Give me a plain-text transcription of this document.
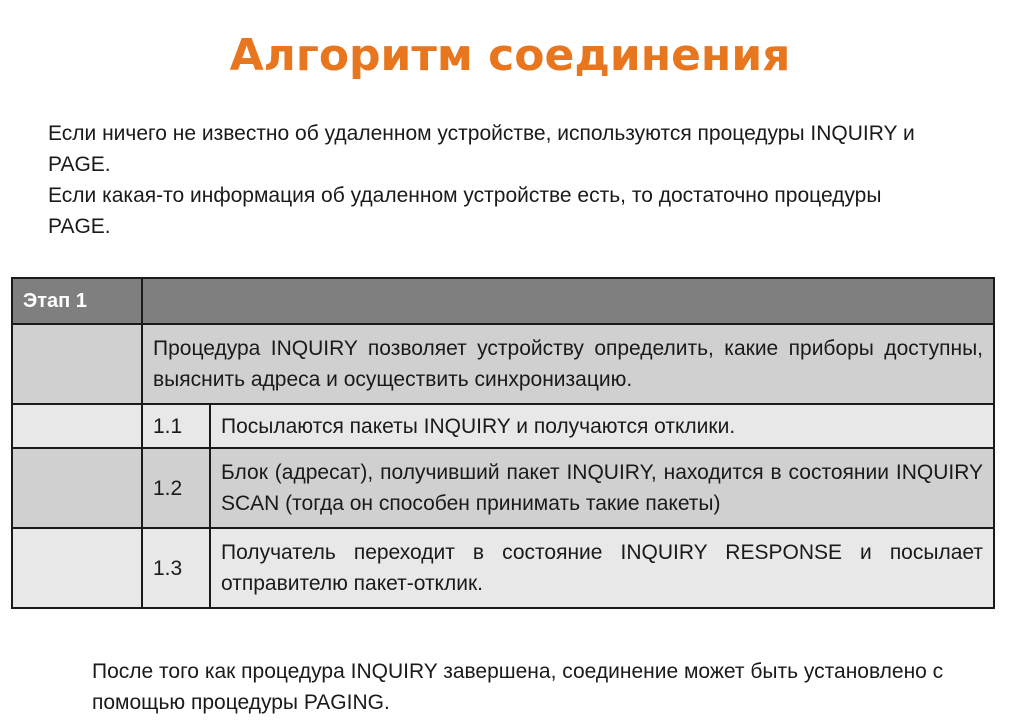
Алгоритм соединения

Если ничего не известно об удаленном устройстве, используются процедуры INQUIRY и PAGE.

Если какая-то информация об удаленном устройстве есть, то достаточно процедуры PAGE.

Этап 1		
	Процедура INQUIRY позволяет устройству определить, какие приборы доступны, выяснить адреса и осуществить синхронизацию.	
	1.1	Посылаются пакеты INQUIRY и получаются отклики.
	1.2	Блок (адресат), получивший пакет INQUIRY, находится в состоянии INQUIRY SCAN (тогда он способен принимать такие пакеты)
	1.3	Получатель переходит в состояние INQUIRY RESPONSE и посылает отправителю пакет-отклик.

После того как процедура INQUIRY завершена, соединение может быть установлено с помощью процедуры PAGING.
